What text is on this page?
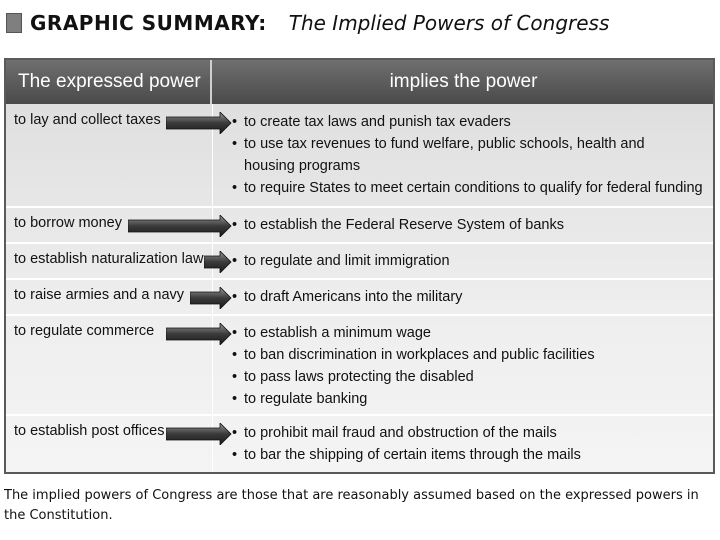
GRAPHIC SUMMARY: The Implied Powers of Congress
The expressed power	implies the power
to lay and collect taxes	• to create tax laws and punish tax evaders
• to use tax revenues to fund welfare, public schools, health and
housing programs
• to require States to meet certain conditions to qualify for federal funding
to borrow money	• to establish the Federal Reserve System of banks
to establish naturalization law	• to regulate and limit immigration
to raise armies and a navy	• to draft Americans into the military
to regulate commerce	• to establish a minimum wage
• to ban discrimination in workplaces and public facilities
• to pass laws protecting the disabled
• to regulate banking
to establish post offices	• to prohibit mail fraud and obstruction of the mails
• to bar the shipping of certain items through the mails
The implied powers of Congress are those that are reasonably assumed based on the expressed powers in the Constitution.
